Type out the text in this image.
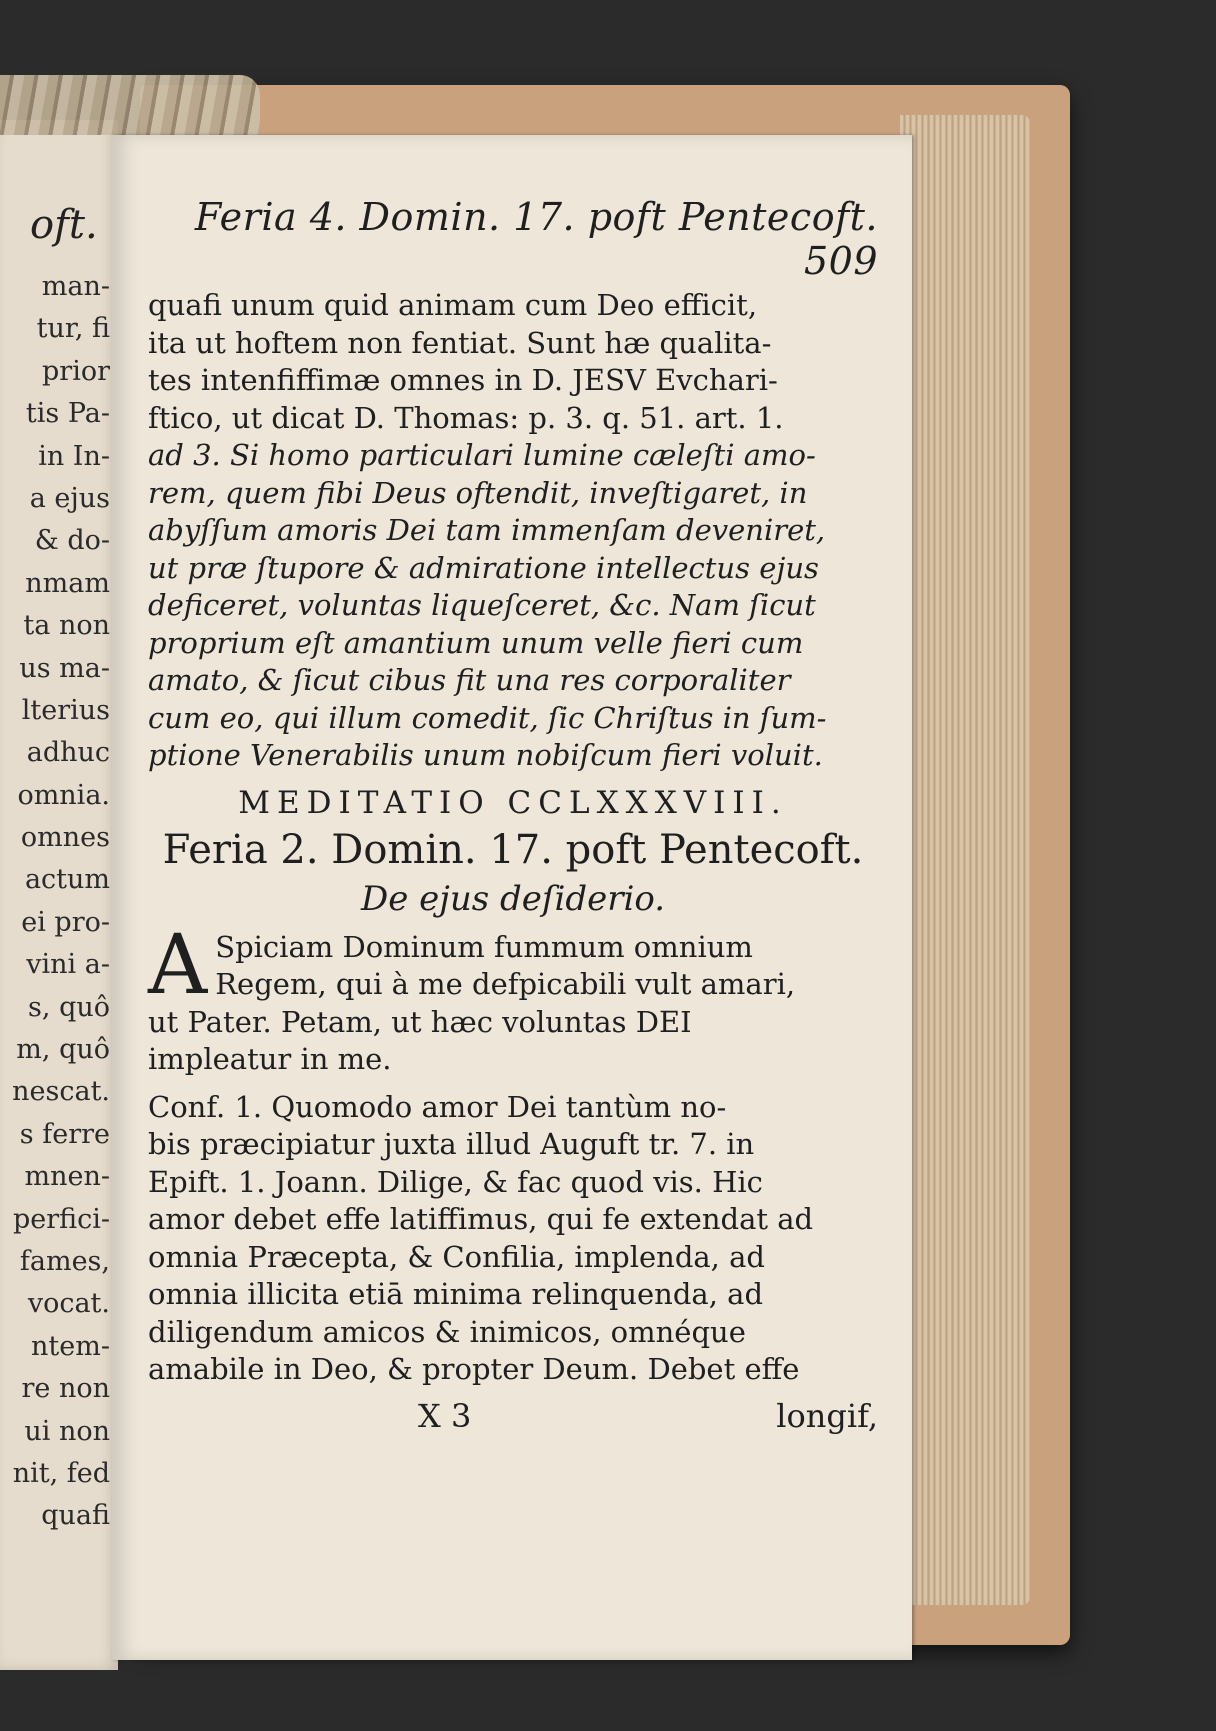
oft.
man-
tur, fi
prior
tis Pa-
in In-
a ejus
& do-
nmam
ta non
us ma-
lterius
adhuc
omnia.
omnes
actum
ei pro-
vini a-
s, quô
m, quô
nescat.
s ferre
mnen-
perfici-
fames,
vocat.
ntem-
re non
ui non
nit, fed
quafi
Feria 4. Domin. 17. poft Pentecoft. 509
quafi unum quid animam cum Deo efficit,
ita ut hoftem non fentiat. Sunt hæ qualita-
tes intenfiffimæ omnes in D. JESV Evchari-
ftico, ut dicat D. Thomas: p. 3. q. 51. art. 1.
ad 3. Si homo particulari lumine cæleſti amo-
rem, quem fibi Deus oftendit, inveſtigaret, in
abyſſum amoris Dei tam immenſam deveniret,
ut præ ſtupore & admiratione intellectus ejus
deficeret, voluntas liqueſceret, &c. Nam ſicut
proprium eſt amantium unum velle fieri cum
amato, & ſicut cibus fit una res corporaliter
cum eo, qui illum comedit, ſic Chriſtus in ſum-
ptione Venerabilis unum nobiſcum fieri voluit.
MEDITATIO CCLXXXVIII.
Feria 2. Domin. 17. poft Pentecoft.
De ejus deſiderio.
A Spiciam Dominum fummum omnium
Regem, qui à me defpicabili vult amari,
ut Pater. Petam, ut hæc voluntas DEI
impleatur in me.
Conf. 1. Quomodo amor Dei tantùm no-
bis præcipiatur juxta illud Auguft tr. 7. in
Epift. 1. Joann. Dilige, & fac quod vis. Hic
amor debet effe latiffimus, qui fe extendat ad
omnia Præcepta, & Confilia, implenda, ad
omnia illicita etiā minima relinquenda, ad
diligendum amicos & inimicos, omnéque
amabile in Deo, & propter Deum. Debet effe
X 3	longif,
